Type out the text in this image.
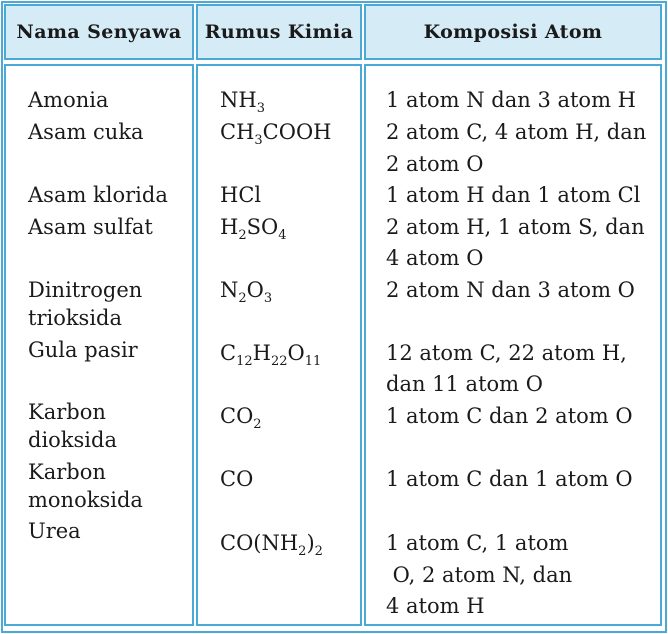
Nama Senyawa	Rumus Kimia	Komposisi Atom
Amonia	$NH_3$	1 atom N dan 3 atom H
Asam cuka	$CH_3COOH$	2 atom C, 4 atom H, dan
2 atom O
Asam klorida HCl	1 atom H dan 1 atom Cl
Asam sulfat	$H_2SO_4$	2 atom H, 1 atom S, dan
4 atom O
Dinitrogen
trioksida
$N_2O_3$	2 atom N dan 3 atom O
Gula pasir	$C_{12}H_{22}O_{11}$	12 atom C, 22 atom H,
dan 11 atom O
Karbon
dioksida
$CO_2$	1 atom C dan 2 atom O
Karbon
monoksida
CO	1 atom C dan 1 atom O
Urea	$CO(NH_2)_2$	1 atom C, 1 atom
O, 2 atom N, dan
4 atom H
